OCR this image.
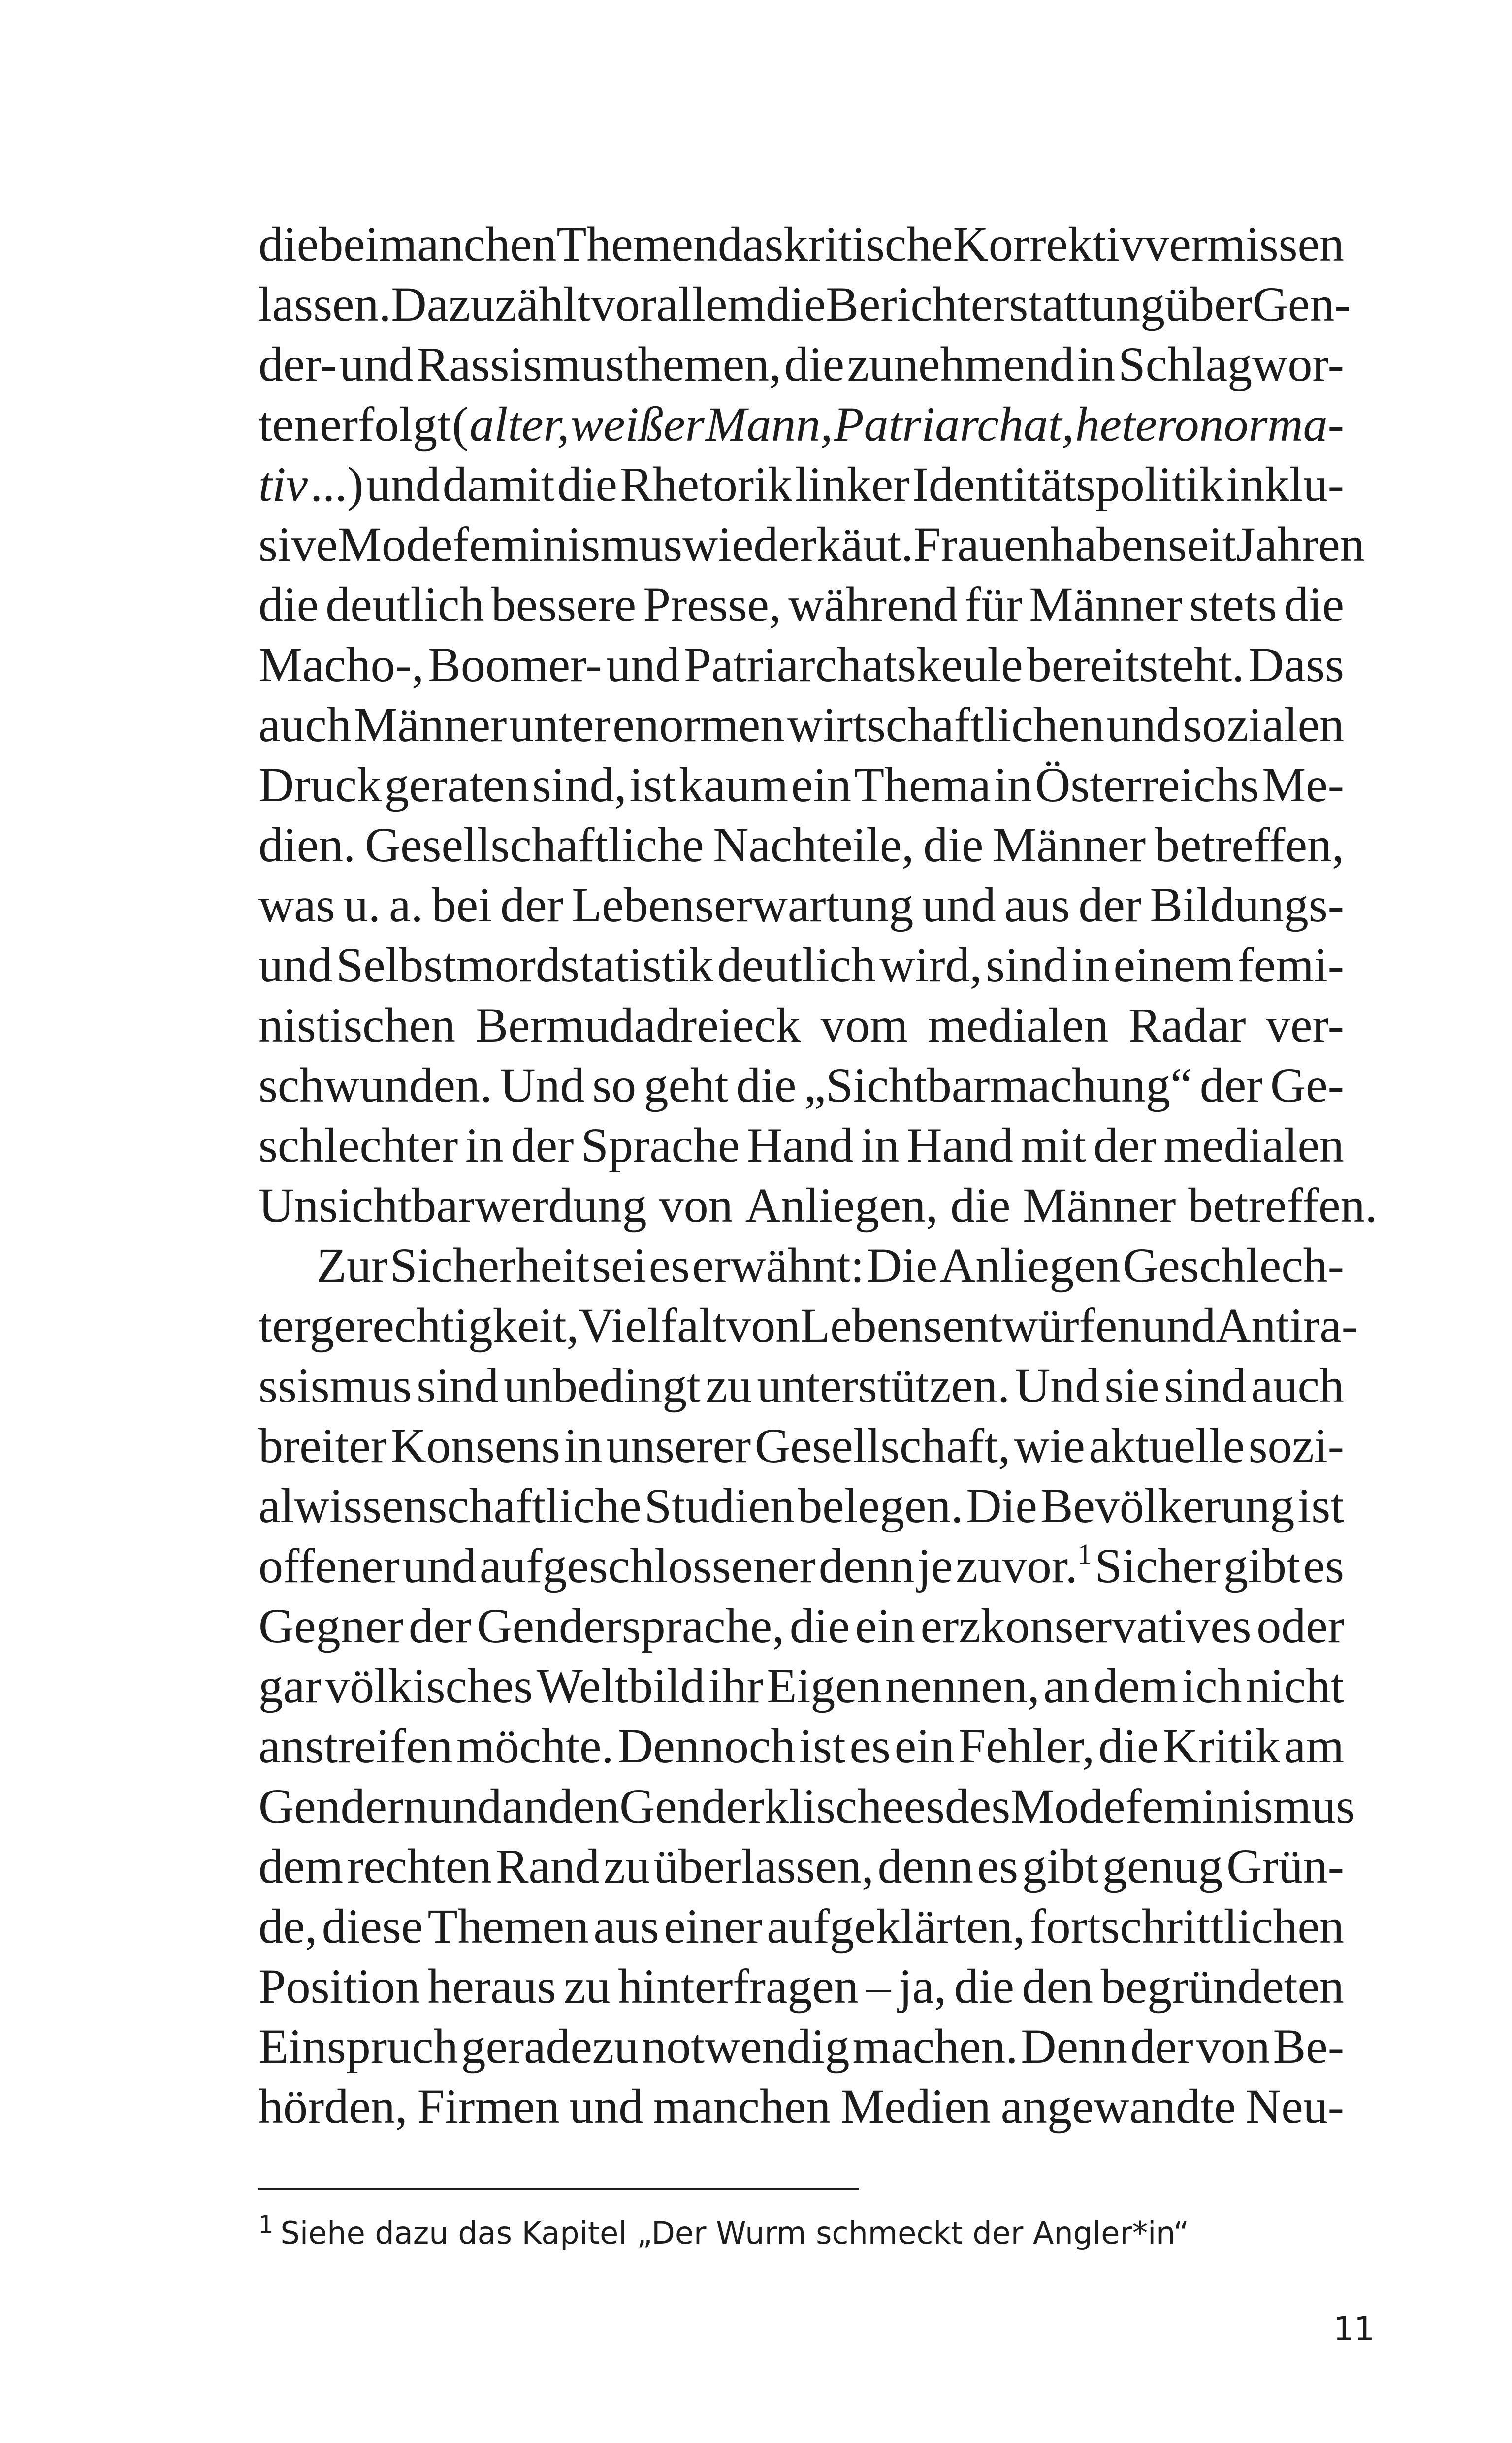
die bei manchen Themen das kritische Korrektiv vermissen
lassen. Dazu zählt vor allem die Berichterstattung über Gen-
der- und Rassismusthemen, die zunehmend in Schlagwor-
ten erfolgt ( alter, weißer Mann, Patriarchat, heteronorma-
tiv ...) und damit die Rhetorik linker Identitätspolitik inklu-
sive Modefeminismus wiederkäut. Frauen haben seit Jahren
die deutlich bessere Presse, während für Männer stets die
Macho-, Boomer- und Patriarchatskeule bereitsteht. Dass
auch Männer unter enormen wirtschaftlichen und sozialen
Druck geraten sind, ist kaum ein Thema in Österreichs Me-
dien. Gesellschaftliche Nachteile, die Männer betreffen,
was u. a. bei der Lebenserwartung und aus der Bildungs-
und Selbstmordstatistik deutlich wird, sind in einem femi-
nistischen Bermudadreieck vom medialen Radar ver-
schwunden. Und so geht die „Sichtbarmachung“ der Ge-
schlechter in der Sprache Hand in Hand mit der medialen
Unsichtbarwerdung von Anliegen, die Männer betreffen.
Zur Sicherheit sei es erwähnt: Die Anliegen Geschlech-
tergerechtigkeit, Vielfalt von Lebensentwürfen und Antira-
ssismus sind unbedingt zu unterstützen. Und sie sind auch
breiter Konsens in unserer Gesellschaft, wie aktuelle sozi-
alwissenschaftliche Studien belegen. Die Bevölkerung ist
offener und aufgeschlossener denn je zuvor.$^1$ Sicher gibt es
Gegner der Gendersprache, die ein erzkonservatives oder
gar völkisches Weltbild ihr Eigen nennen, an dem ich nicht
anstreifen möchte. Dennoch ist es ein Fehler, die Kritik am
Gendern und an den Genderklischees des Modefeminismus
dem rechten Rand zu überlassen, denn es gibt genug Grün-
de, diese Themen aus einer aufgeklärten, fortschrittlichen
Position heraus zu hinterfragen – ja, die den begründeten
Einspruch geradezu notwendig machen. Denn der von Be-
hörden, Firmen und manchen Medien angewandte Neu-
$^1$ Siehe dazu das Kapitel „Der Wurm schmeckt der Angler*in“
11
